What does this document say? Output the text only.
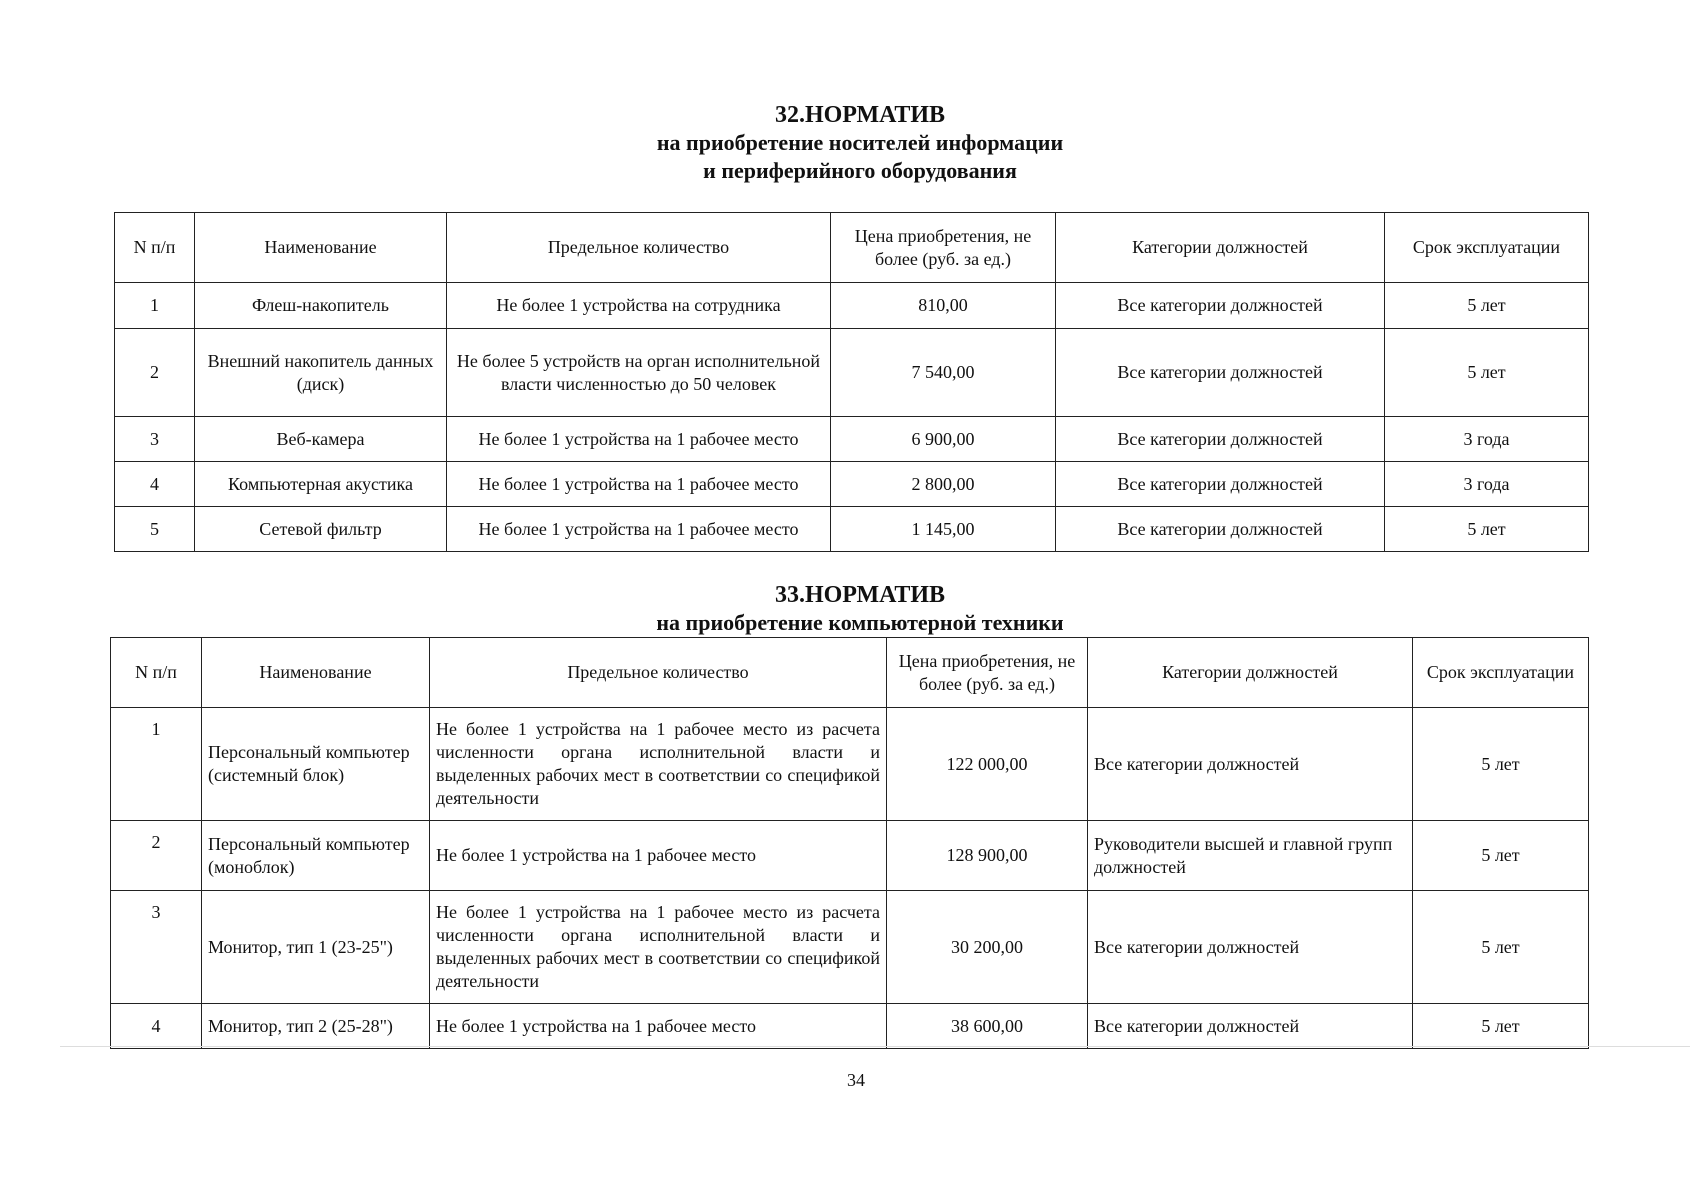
32.НОРМАТИВ
на приобретение носителей информации
и периферийного оборудования
N п/п	Наименование	Предельное количество	Цена приобретения, не более (руб. за ед.)	Категории должностей	Срок эксплуатации
1	Флеш-накопитель	Не более 1 устройства на сотрудника	810,00	Все категории должностей	5 лет
2	Внешний накопитель данных (диск)	Не более 5 устройств на орган исполнительной власти численностью до 50 человек	7 540,00	Все категории должностей	5 лет
3	Веб-камера	Не более 1 устройства на 1 рабочее место	6 900,00	Все категории должностей	3 года
4	Компьютерная акустика	Не более 1 устройства на 1 рабочее место	2 800,00	Все категории должностей	3 года
5	Сетевой фильтр	Не более 1 устройства на 1 рабочее место	1 145,00	Все категории должностей	5 лет
33.НОРМАТИВ
на приобретение компьютерной техники
N п/п	Наименование	Предельное количество	Цена приобретения, не более (руб. за ед.)	Категории должностей	Срок эксплуатации
1	Персональный компьютер (системный блок)	Не более 1 устройства на 1 рабочее место из расчета численности органа исполнительной власти и выделенных рабочих мест в соответствии со спецификой деятельности	122 000,00	Все категории должностей	5 лет
2	Персональный компьютер (моноблок)	Не более 1 устройства на 1 рабочее место	128 900,00	Руководители высшей и главной групп должностей	5 лет
3	Монитор, тип 1 (23-25")	Не более 1 устройства на 1 рабочее место из расчета численности органа исполнительной власти и выделенных рабочих мест в соответствии со спецификой деятельности	30 200,00	Все категории должностей	5 лет
4	Монитор, тип 2 (25-28")	Не более 1 устройства на 1 рабочее место	38 600,00	Все категории должностей	5 лет
34
